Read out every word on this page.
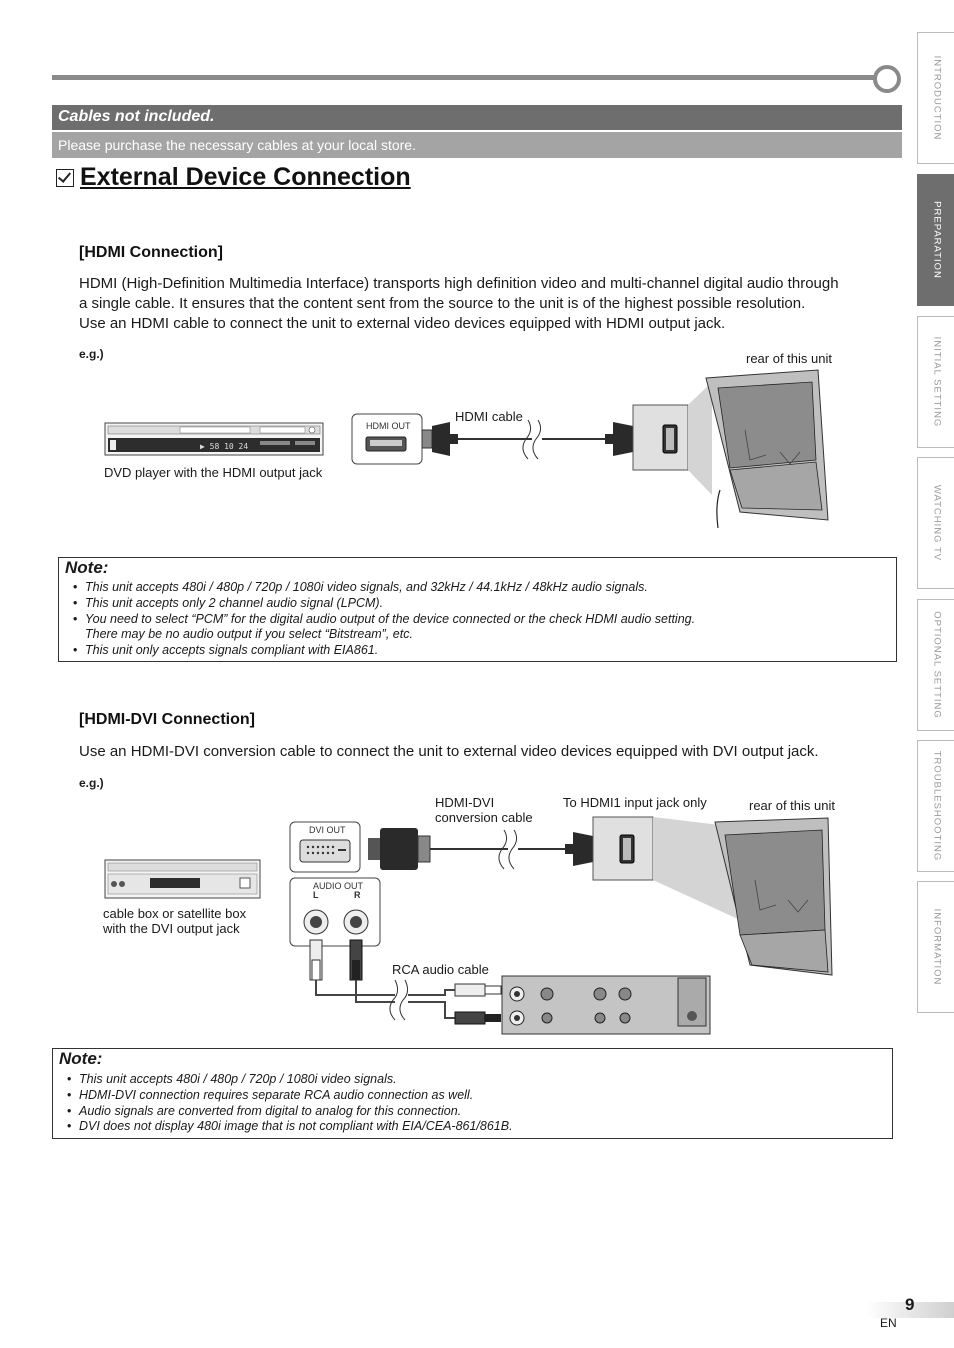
Cables not included.
Please purchase the necessary cables at your local store.
External Device Connection
[HDMI Connection]
HDMI (High-Definition Multimedia Interface) transports high definition video and multi-channel digital audio through
a single cable. It ensures that the content sent from the source to the unit is of the highest possible resolution.
Use an HDMI cable to connect the unit to external video devices equipped with HDMI output jack.
e.g.)
▶ 58 10 24
rear of this unit
HDMI cable
HDMI OUT
DVD player with the HDMI output jack
Note:
• This unit accepts 480i / 480p / 720p / 1080i video signals, and 32kHz / 44.1kHz / 48kHz audio signals.
• This unit accepts only 2 channel audio signal (LPCM).
• You need to select “PCM” for the digital audio output of the device connected or the check HDMI audio setting.
There may be no audio output if you select “Bitstream”, etc.
• This unit only accepts signals compliant with EIA861.
[HDMI-DVI Connection]
Use an HDMI-DVI conversion cable to connect the unit to external video devices equipped with DVI output jack.
e.g.)
HDMI-DVI
conversion cable
To HDMI1 input jack only	rear of this unit
DVI OUT
AUDIO OUT
L	R
cable box or satellite box
with the DVI output jack
RCA audio cable
Note:
• This unit accepts 480i / 480p / 720p / 1080i video signals.
• HDMI-DVI connection requires separate RCA audio connection as well.
• Audio signals are converted from digital to analog for this connection.
• DVI does not display 480i image that is not compliant with EIA/CEA-861/861B.
INTRODUCTION
PREPARATION
INITIAL SETTING
WATCHING TV
OPTIONAL SETTING
TROUBLESHOOTING
INFORMATION
9
EN
